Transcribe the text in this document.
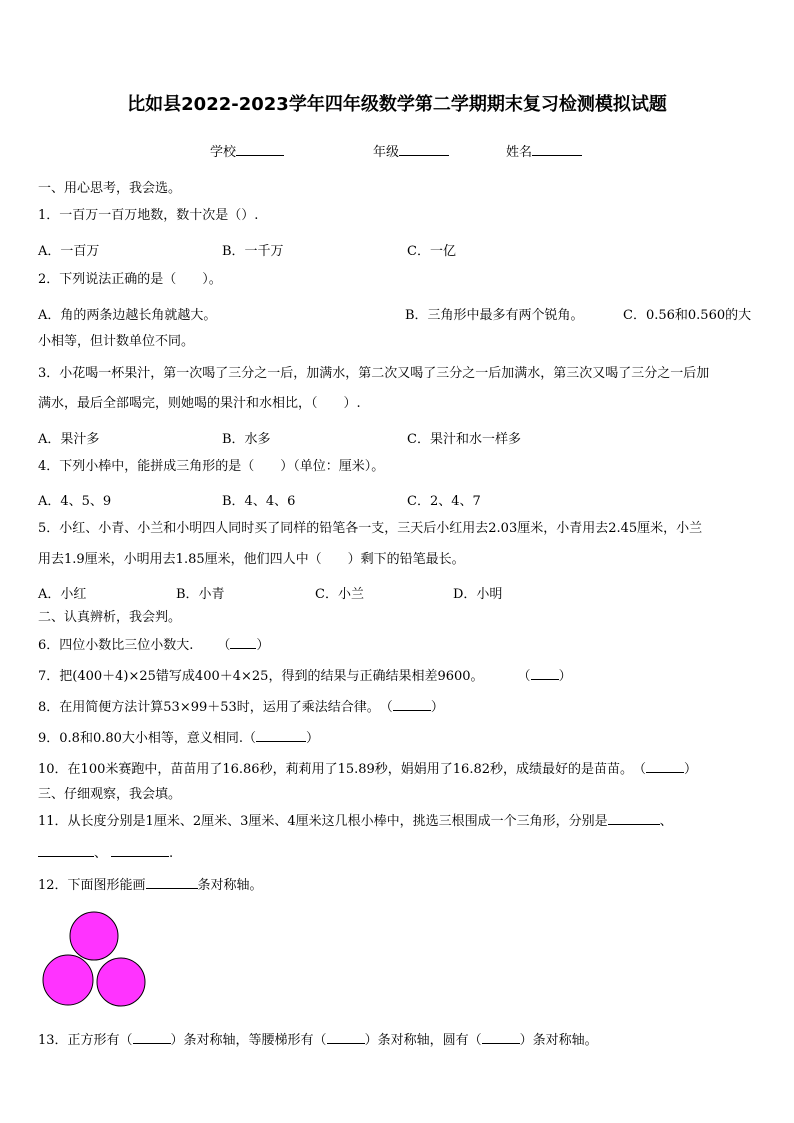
比如县2022-2023学年四年级数学第二学期期末复习检测模拟试题
学校	年级	姓名
一、用心思考，我会选。
1．一百万一百万地数，数十次是（）.
A．一百万	B．一千万	C．一亿
2．下列说法正确的是（　　）。
A．角的两条边越长角就越大。	B．三角形中最多有两个锐角。	C．0.56和0.560的大
小相等，但计数单位不同。
3．小花喝一杯果汁，第一次喝了三分之一后，加满水，第二次又喝了三分之一后加满水，第三次又喝了三分之一后加
满水，最后全部喝完，则她喝的果汁和水相比，（　　）.
A．果汁多	B．水多	C．果汁和水一样多
4．下列小棒中，能拼成三角形的是（　　）（单位：厘米）。
A．4、5、9	B．4、4、6	C．2、4、7
5．小红、小青、小兰和小明四人同时买了同样的铅笔各一支，三天后小红用去2.03厘米，小青用去2.45厘米，小兰
用去1.9厘米，小明用去1.85厘米，他们四人中（　　）剩下的铅笔最长。
A．小红	B．小青	C．小兰	D．小明
二、认真辨析，我会判。
6．四位小数比三位小数大. （ ）
7．把(400＋4)×25错写成400＋4×25，得到的结果与正确结果相差9600。	（ ）
8．在用简便方法计算53×99＋53时，运用了乘法结合律。（	）
9．0.8和0.80大小相等，意义相同.（	）
10．在100米赛跑中，苗苗用了16.86秒，莉莉用了15.89秒，娟娟用了16.82秒，成绩最好的是苗苗。（	）
三、仔细观察，我会填。
11．从长度分别是1厘米、2厘米、3厘米、4厘米这几根小棒中，挑选三根围成一个三角形，分别是	、
、	.
12．下面图形能画	条对称轴。
13．正方形有（	）条对称轴，等腰梯形有（	）条对称轴，圆有（	）条对称轴。
